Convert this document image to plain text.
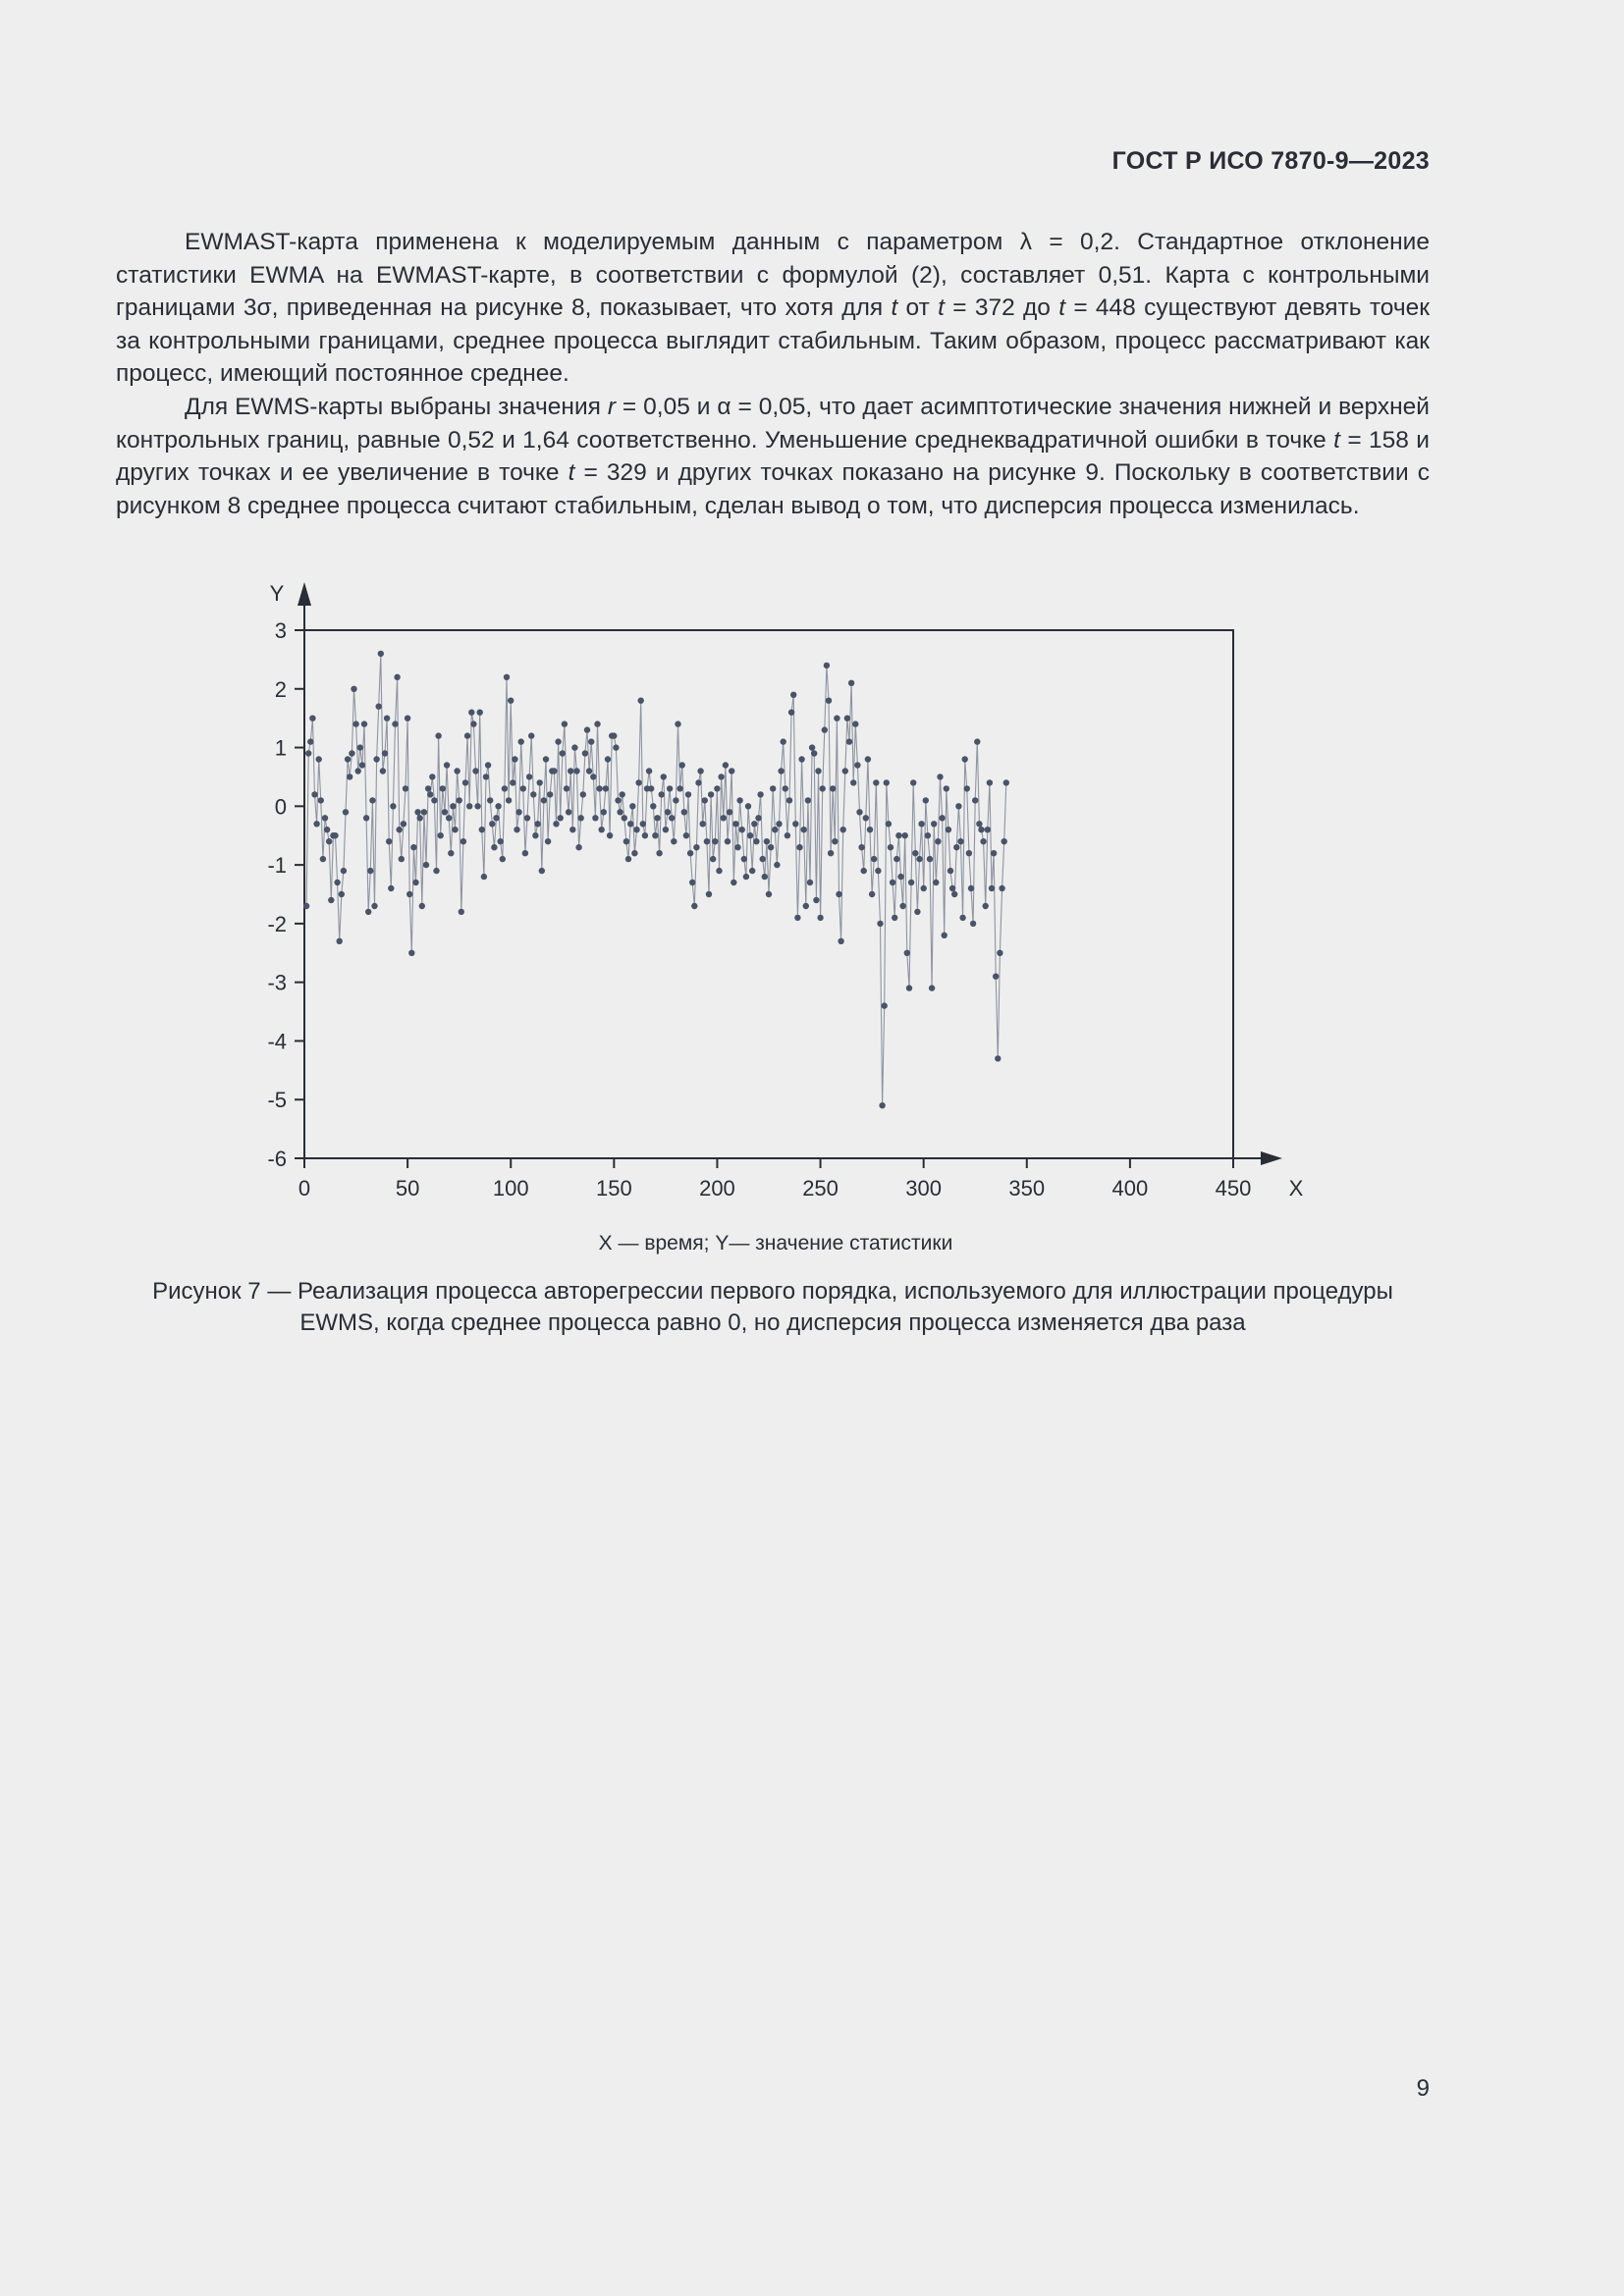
ГОСТ Р ИСО 7870-9—2023

EWMAST-карта применена к моделируемым данным с параметром λ = 0,2. Стандартное отклонение статистики EWMA на EWMAST-карте, в соответствии с формулой (2), составляет 0,51. Карта с контрольными границами 3σ, приведенная на рисунке 8, показывает, что хотя для t от t = 372 до t = 448 существуют девять точек за контрольными границами, среднее процесса выглядит стабильным. Таким образом, процесс рассматривают как процесс, имеющий постоянное среднее.

Для EWMS-карты выбраны значения r = 0,05 и α = 0,05, что дает асимптотические значения нижней и верхней контрольных границ, равные 0,52 и 1,64 соответственно. Уменьшение среднеквадратичной ошибки в точке t = 158 и других точках и ее увеличение в точке t = 329 и других точках показано на рисунке 9. Поскольку в соответствии с рисунком 8 среднее процесса считают стабильным, сделан вывод о том, что дисперсия процесса изменилась.

X
Y
0	50	100	150	200	250	300	350	400	450
3
2
1
0
-1
-2
-3
-4
-5
-6
X — время; Y— значение статистики
Рисунок 7 — Реализация процесса авторегрессии первого порядка, используемого для иллюстрации процедуры
EWMS, когда среднее процесса равно 0, но дисперсия процесса изменяется два раза
9
